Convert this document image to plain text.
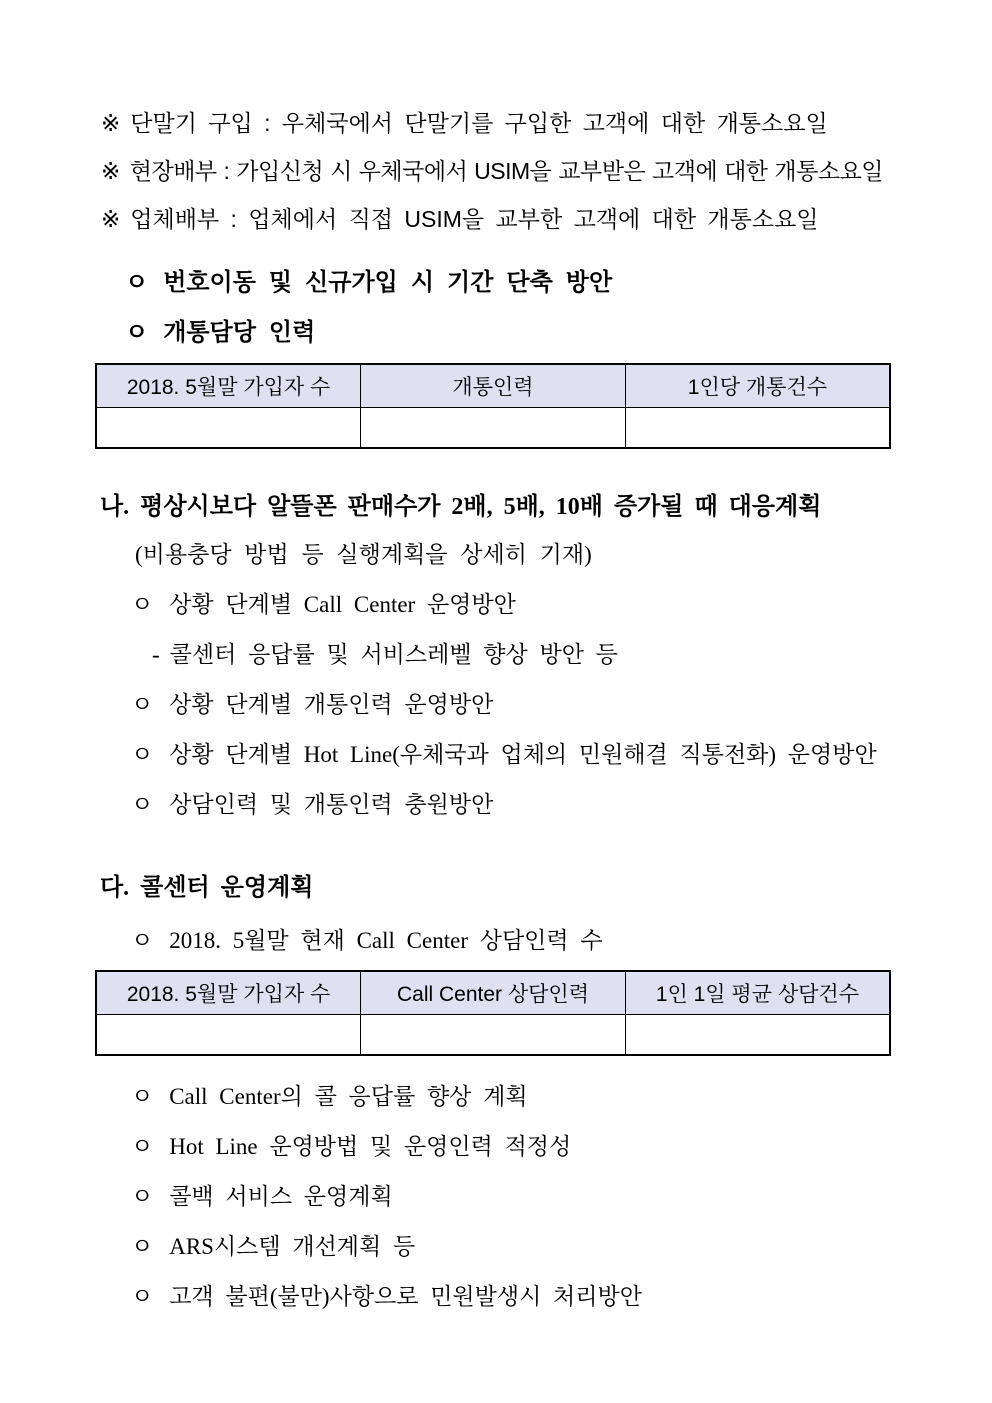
※ 단말기 구입 : 우체국에서 단말기를 구입한 고객에 대한 개통소요일
※ 현장배부 : 가입신청 시 우체국에서 USIM을 교부받은 고객에 대한 개통소요일
※ 업체배부 : 업체에서 직접 USIM을 교부한 고객에 대한 개통소요일
ㅇ 번호이동 및 신규가입 시 기간 단축 방안
ㅇ 개통담당 인력
2018. 5월말 가입자 수	개통인력	1인당 개통건수

나. 평상시보다 알뜰폰 판매수가 2배, 5배, 10배 증가될 때 대응계획
(비용충당 방법 등 실행계획을 상세히 기재)
ㅇ 상황 단계별 Call Center 운영방안
- 콜센터 응답률 및 서비스레벨 향상 방안 등
ㅇ 상황 단계별 개통인력 운영방안
ㅇ 상황 단계별 Hot Line(우체국과 업체의 민원해결 직통전화) 운영방안
ㅇ 상담인력 및 개통인력 충원방안
다. 콜센터 운영계획
ㅇ 2018. 5월말 현재 Call Center 상담인력 수
2018. 5월말 가입자 수	Call Center 상담인력	1인 1일 평균 상담건수

ㅇ Call Center의 콜 응답률 향상 계획
ㅇ Hot Line 운영방법 및 운영인력 적정성
ㅇ 콜백 서비스 운영계획
ㅇ ARS시스템 개선계획 등
ㅇ 고객 불편(불만)사항으로 민원발생시 처리방안
